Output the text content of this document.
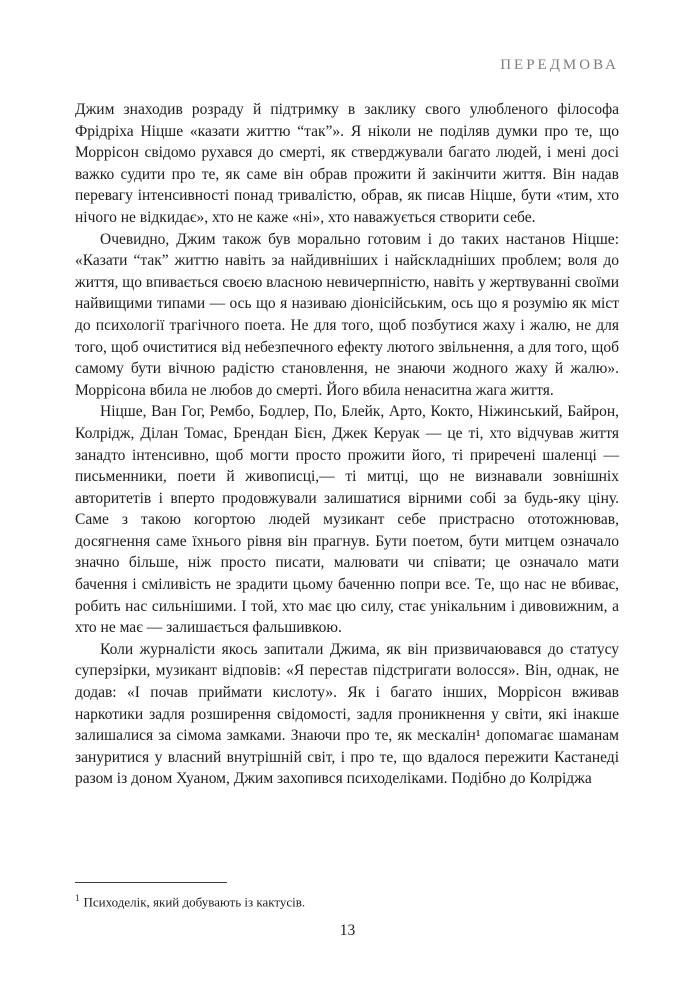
ПЕРЕДМОВА

Джим знаходив розраду й підтримку в заклику свого улюбленого філософа Фрідріха Ніцше «казати життю “так”». Я ніколи не поділяв думки про те, що Моррісон свідомо рухався до смерті, як стверджували багато людей, і мені досі важко судити про те, як саме він обрав прожити й закінчити життя. Він надав перевагу інтенсивності понад тривалістю, обрав, як писав Ніцше, бути «тим, хто нічого не відкидає», хто не каже «ні», хто наважується створити себе.

Очевидно, Джим також був морально готовим і до таких настанов Ніцше: «Казати “так” життю навіть за найдивніших і найскладніших проблем; воля до життя, що впивається своєю власною невичерпністю, навіть у жертвуванні своїми найвищими типами — ось що я називаю діонісійським, ось що я розумію як міст до психології трагічного поета. Не для того, щоб позбутися жаху і жалю, не для того, щоб очиститися від небезпечного ефекту лютого звільнення, а для того, щоб самому бути вічною радістю становлення, не знаючи жодного жаху й жалю». Моррісона вбила не любов до смерті. Його вбила ненаситна жага життя.

Ніцше, Ван Гог, Рембо, Бодлер, По, Блейк, Арто, Кокто, Ніжинський, Байрон, Колрідж, Ділан Томас, Брендан Бієн, Джек Керуак — це ті, хто відчував життя занадто інтенсивно, щоб могти просто прожити його, ті приречені шаленці — письменники, поети й живописці,— ті митці, що не визнавали зовнішніх авторитетів і вперто продовжували залишатися вірними собі за будь-яку ціну. Саме з такою когортою людей музикант себе пристрасно ототожнював, досягнення саме їхнього рівня він прагнув. Бути поетом, бути митцем означало значно більше, ніж просто писати, малювати чи співати; це означало мати бачення і сміливість не зрадити цьому баченню попри все. Те, що нас не вбиває, робить нас сильнішими. І той, хто має цю силу, стає унікальним і дивовижним, а хто не має — залишається фальшивкою.

Коли журналісти якось запитали Джима, як він призвичаювався до статусу суперзірки, музикант відповів: «Я перестав підстригати волосся». Він, однак, не додав: «І почав приймати кислоту». Як і багато інших, Моррісон вживав наркотики задля розширення свідомості, задля проникнення у світи, які інакше залишалися за сімома замками. Знаючи про те, як мескалін¹ допомагає шаманам зануритися у власний внутрішній світ, і про те, що вдалося пережити Кастанеді разом із доном Хуаном, Джим захопився психоделіками. Подібно до Колріджа

$^1$ Психоделік, який добувають із кактусів.
13
